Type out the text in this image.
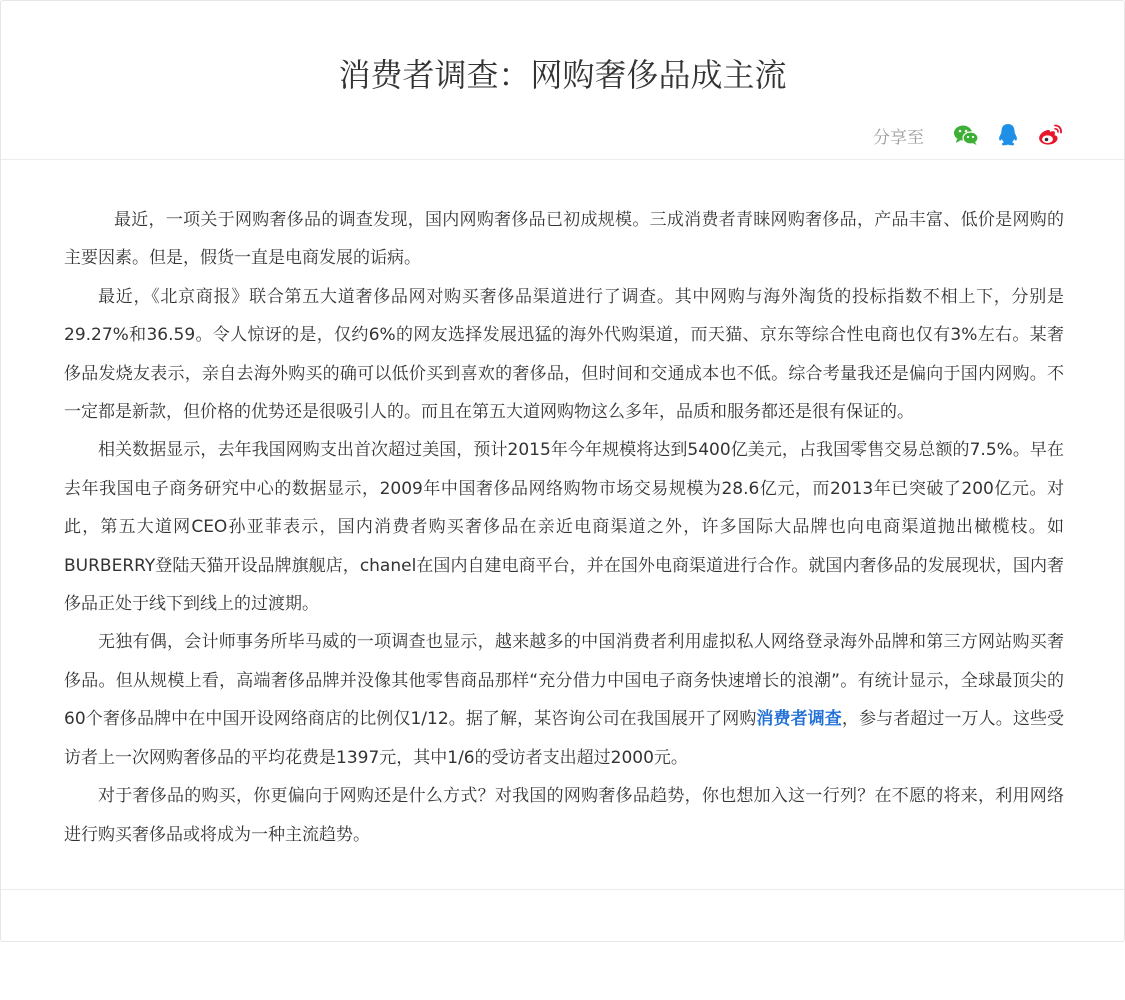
消费者调查：网购奢侈品成主流
分享至

最近，一项关于网购奢侈品的调查发现，国内网购奢侈品已初成规模。三成消费者青睐网购奢侈品，产品丰富、低价是网购的主要因素。但是，假货一直是电商发展的诟病。

最近，《北京商报》联合第五大道奢侈品网对购买奢侈品渠道进行了调查。其中网购与海外淘货的投标指数不相上下，分别是29.27%和36.59。令人惊讶的是，仅约6%的网友选择发展迅猛的海外代购渠道，而天猫、京东等综合性电商也仅有3%左右。某奢侈品发烧友表示，亲自去海外购买的确可以低价买到喜欢的奢侈品，但时间和交通成本也不低。综合考量我还是偏向于国内网购。不一定都是新款，但价格的优势还是很吸引人的。而且在第五大道网购物这么多年，品质和服务都还是很有保证的。

相关数据显示，去年我国网购支出首次超过美国，预计2015年今年规模将达到5400亿美元，占我国零售交易总额的7.5%。早在去年我国电子商务研究中心的数据显示，2009年中国奢侈品网络购物市场交易规模为28.6亿元，而2013年已突破了200亿元。对此，第五大道网CEO孙亚菲表示，国内消费者购买奢侈品在亲近电商渠道之外，许多国际大品牌也向电商渠道抛出橄榄枝。如BURBERRY登陆天猫开设品牌旗舰店，chanel在国内自建电商平台，并在国外电商渠道进行合作。就国内奢侈品的发展现状，国内奢侈品正处于线下到线上的过渡期。

无独有偶，会计师事务所毕马威的一项调查也显示，越来越多的中国消费者利用虚拟私人网络登录海外品牌和第三方网站购买奢侈品。但从规模上看，高端奢侈品牌并没像其他零售商品那样“充分借力中国电子商务快速增长的浪潮”。有统计显示，全球最顶尖的60个奢侈品牌中在中国开设网络商店的比例仅1/12。据了解，某咨询公司在我国展开了网购消费者调查，参与者超过一万人。这些受访者上一次网购奢侈品的平均花费是1397元，其中1/6的受访者支出超过2000元。

对于奢侈品的购买，你更偏向于网购还是什么方式？对我国的网购奢侈品趋势，你也想加入这一行列？在不愿的将来，利用网络进行购买奢侈品或将成为一种主流趋势。
